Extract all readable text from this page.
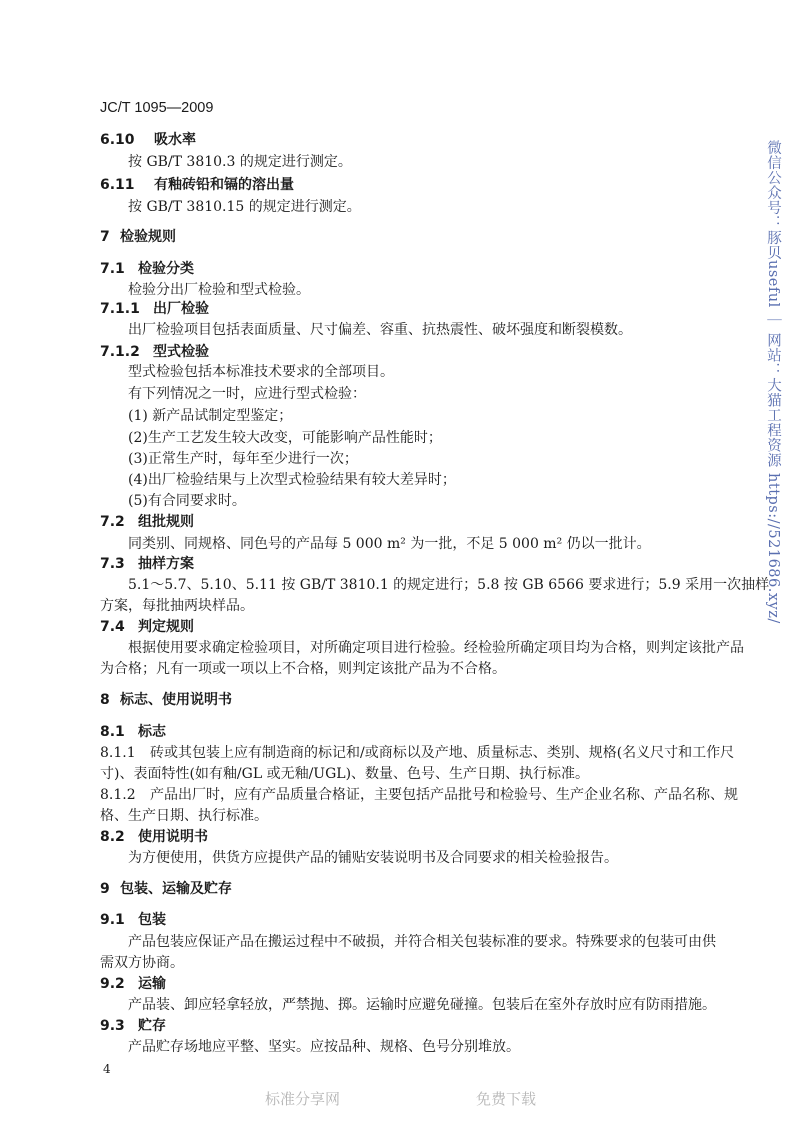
JC/T 1095—2009
6.10 吸水率
按 GB/T 3810.3 的规定进行测定。
6.11 有釉砖铅和镉的溶出量
按 GB/T 3810.15 的规定进行测定。
7 检验规则
7.1 检验分类
检验分出厂检验和型式检验。
7.1.1 出厂检验
出厂检验项目包括表面质量、尺寸偏差、容重、抗热震性、破坏强度和断裂模数。
7.1.2 型式检验
型式检验包括本标准技术要求的全部项目。
有下列情况之一时，应进行型式检验：
(1) 新产品试制定型鉴定；
(2)生产工艺发生较大改变，可能影响产品性能时；
(3)正常生产时，每年至少进行一次；
(4)出厂检验结果与上次型式检验结果有较大差异时；
(5)有合同要求时。
7.2 组批规则
同类别、同规格、同色号的产品每 5 000 m² 为一批，不足 5 000 m² 仍以一批计。
7.3 抽样方案
5.1～5.7、5.10、5.11 按 GB/T 3810.1 的规定进行；5.8 按 GB 6566 要求进行；5.9 采用一次抽样
方案，每批抽两块样品。
7.4 判定规则
根据使用要求确定检验项目，对所确定项目进行检验。经检验所确定项目均为合格，则判定该批产品
为合格；凡有一项或一项以上不合格，则判定该批产品为不合格。
8 标志、使用说明书
8.1 标志
8.1.1 砖或其包装上应有制造商的标记和/或商标以及产地、质量标志、类别、规格(名义尺寸和工作尺
寸)、表面特性(如有釉/GL 或无釉/UGL)、数量、色号、生产日期、执行标准。
8.1.2 产品出厂时，应有产品质量合格证，主要包括产品批号和检验号、生产企业名称、产品名称、规
格、生产日期、执行标准。
8.2 使用说明书
为方便使用，供货方应提供产品的铺贴安装说明书及合同要求的相关检验报告。
9 包装、运输及贮存
9.1 包装
产品包装应保证产品在搬运过程中不破损，并符合相关包装标准的要求。特殊要求的包装可由供
需双方协商。
9.2 运输
产品装、卸应轻拿轻放，严禁抛、掷。运输时应避免碰撞。包装后在室外存放时应有防雨措施。
9.3 贮存
产品贮存场地应平整、坚实。应按品种、规格、色号分别堆放。
微信公众号：豚贝useful ｜ 网站：大猫工程资源 https://521686.xyz/
4
标准分享网	免费下载
